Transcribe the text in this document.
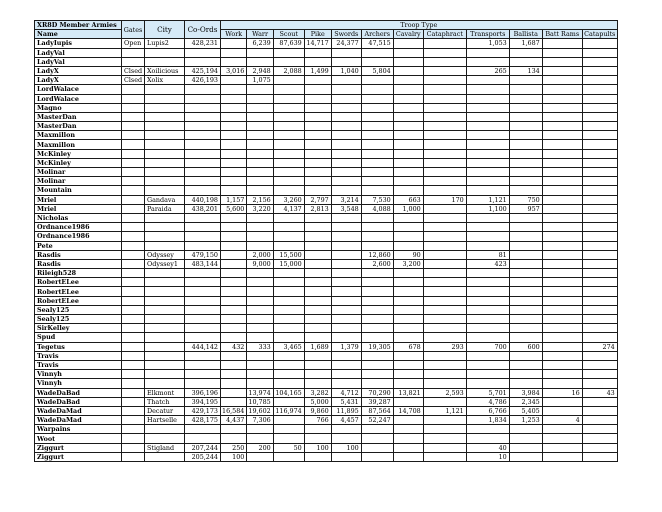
XR8D Member Armies	Gates	City	Co-Ords	Troop Type											
Name				Work	Warr	Scout	Pike	Swords	Archers	Cavalry	Cataphract	Transports	Ballista	Batt Rams	Catapults
LadyIupis	Open	Lupis2	428,231		6,239	87,639	14,717	24,377	47,515			1,053	1,687		
LadyVal															
LadyVal															
LadyX	Clsed	Xoilicious	425,194	3,016	2,948	2,088	1,499	1,040	5,804			265	134		
LadyX	Clsed	Xolix	426,193		1,075										
LordWalace															
LordWalace															
Magno															
MasterDan															
MasterDan															
Maxmillon															
Maxmillon															
McKinley															
McKinley															
Molinar															
Molinar															
Mountain															
Mriel		Gandava	440,198	1,157	2,156	3,260	2,797	3,214	7,530	663	170	1,121	750		
Mriel		Paraida	438,201	5,600	3,220	4,137	2,813	3,548	4,088	1,000		1,100	957		
Nicholas															
Ordnance1986															
Ordnance1986															
Pete															
Rasdis		Odyssey	479,150		2,000	15,500			12,860	90		81			
Rasdis		Odyssey1	483,144		9,000	15,000			2,600	3,200		423			
Rileigh528															
RobertELee															
RobertELee															
RobertELee															
Sealy125															
Sealy125															
SirKelley															
Spud															
Tegetus			444,142	432	333	3,465	1,689	1,379	19,305	678	293	700	600		274
Travis															
Travis															
Vinnyh															
Vinnyh															
WadeDaBad		Elkmont	396,196		13,974	104,165	3,282	4,712	70,290	13,821	2,593	5,701	3,984	16	43
WadeDaBad		Thatch	394,195		10,785		5,000	5,431	39,287			4,786	2,345		
WadeDaMad		Decatur	429,173	16,584	19,602	116,974	9,860	11,895	87,564	14,708	1,121	6,766	5,405		
WadeDaMad		Hartselle	428,175	4,437	7,306		766	4,457	52,247			1,834	1,253	4	
Warpains															
Woot															
Ziggurt		Stigland	207,244	250	200	50	100	100				40			
Ziggurt			205,244	100								10			
